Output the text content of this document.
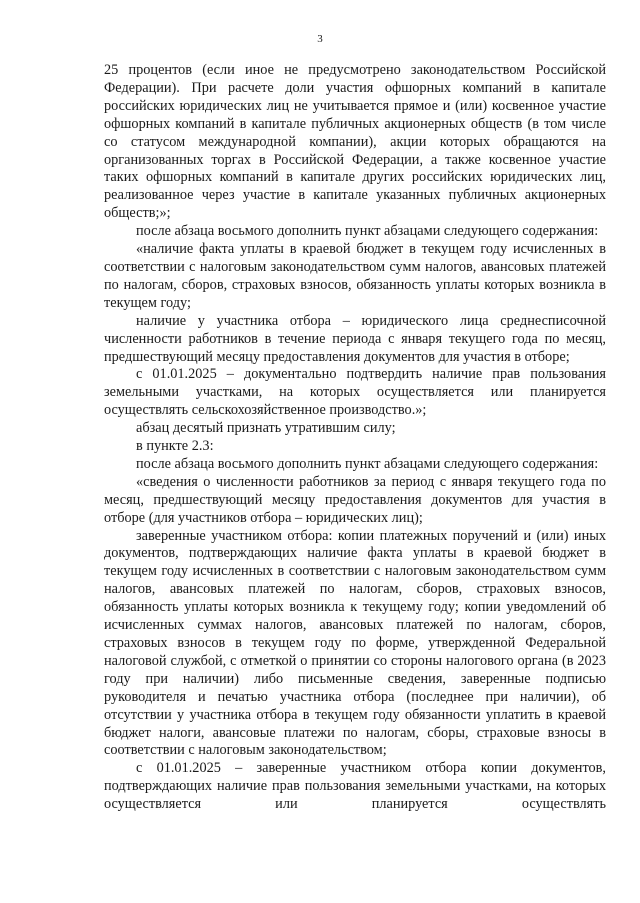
3

25 процентов (если иное не предусмотрено законодательством Российской Федерации). При расчете доли участия офшорных компаний в капитале российских юридических лиц не учитывается прямое и (или) косвенное участие офшорных компаний в капитале публичных акционерных обществ (в том числе со статусом международной компании), акции которых обращаются на организованных торгах в Российской Федерации, а также косвенное участие таких офшорных компаний в капитале других российских юридических лиц, реализованное через участие в капитале указанных публичных акционерных обществ;»;

после абзаца восьмого дополнить пункт абзацами следующего содержания:

«наличие факта уплаты в краевой бюджет в текущем году исчисленных в соответствии с налоговым законодательством сумм налогов, авансовых платежей по налогам, сборов, страховых взносов, обязанность уплаты которых возникла в текущем году;

наличие у участника отбора – юридического лица среднесписочной численности работников в течение периода с января текущего года по месяц, предшествующий месяцу предоставления документов для участия в отборе;

с 01.01.2025 – документально подтвердить наличие прав пользования земельными участками, на которых осуществляется или планируется осуществлять сельскохозяйственное производство.»;

абзац десятый признать утратившим силу;

в пункте 2.3:

после абзаца восьмого дополнить пункт абзацами следующего содержания:

«сведения о численности работников за период с января текущего года по месяц, предшествующий месяцу предоставления документов для участия в отборе (для участников отбора – юридических лиц);

заверенные участником отбора: копии платежных поручений и (или) иных документов, подтверждающих наличие факта уплаты в краевой бюджет в текущем году исчисленных в соответствии с налоговым законодательством сумм налогов, авансовых платежей по налогам, сборов, страховых взносов, обязанность уплаты которых возникла к текущему году; копии уведомлений об исчисленных суммах налогов, авансовых платежей по налогам, сборов, страховых взносов в текущем году по форме, утвержденной Федеральной налоговой службой, с отметкой о принятии со стороны налогового органа (в 2023 году при наличии) либо письменные сведения, заверенные подписью руководителя и печатью участника отбора (последнее при наличии), об отсутствии у участника отбора в текущем году обязанности уплатить в краевой бюджет налоги, авансовые платежи по налогам, сборы, страховые взносы в соответствии с налоговым законодательством;

с 01.01.2025 – заверенные участником отбора копии документов, подтверждающих наличие прав пользования земельными участками, на которых осуществляется или планируется осуществлять
